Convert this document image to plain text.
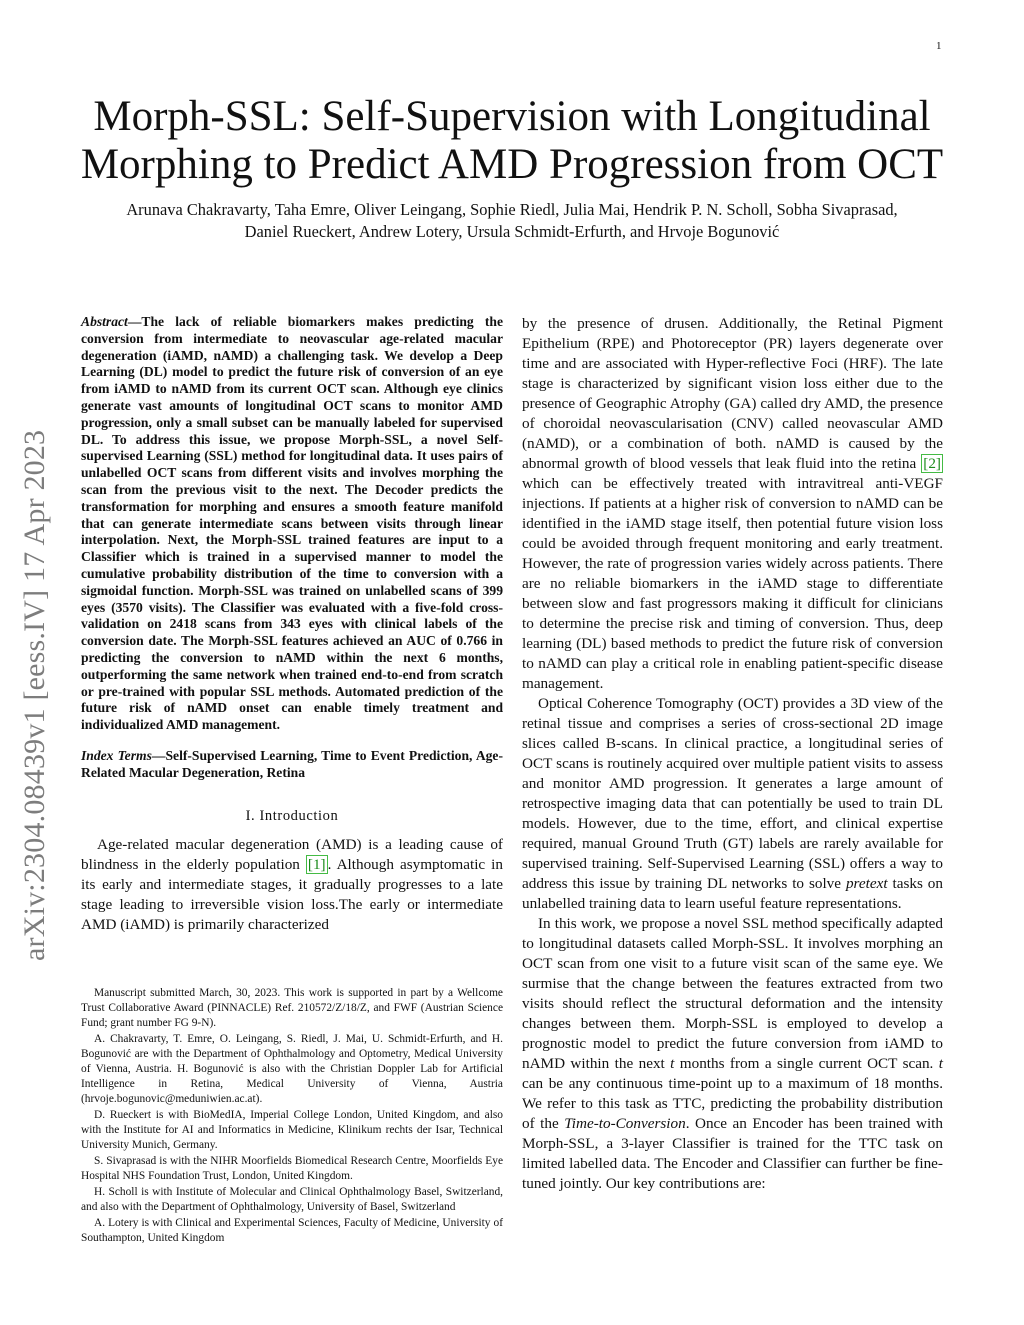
1
arXiv:2304.08439v1 [eess.IV] 17 Apr 2023
Morph-SSL: Self-Supervision with Longitudinal
Morphing to Predict AMD Progression from OCT

Arunava Chakravarty, Taha Emre, Oliver Leingang, Sophie Riedl, Julia Mai, Hendrik P. N. Scholl, Sobha Sivaprasad, Daniel Rueckert, Andrew Lotery, Ursula Schmidt-Erfurth, and Hrvoje Bogunović

Abstract—The lack of reliable biomarkers makes predicting the conversion from intermediate to neovascular age-related macular degeneration (iAMD, nAMD) a challenging task. We develop a Deep Learning (DL) model to predict the future risk of conversion of an eye from iAMD to nAMD from its current OCT scan. Although eye clinics generate vast amounts of longitudinal OCT scans to monitor AMD progression, only a small subset can be manually labeled for supervised DL. To address this issue, we propose Morph-SSL, a novel Self-supervised Learning (SSL) method for longitudinal data. It uses pairs of unlabelled OCT scans from different visits and involves morphing the scan from the previous visit to the next. The Decoder predicts the transformation for morphing and ensures a smooth feature manifold that can generate intermediate scans between visits through linear interpolation. Next, the Morph-SSL trained features are input to a Classifier which is trained in a supervised manner to model the cumulative probability distribution of the time to conversion with a sigmoidal function. Morph-SSL was trained on unlabelled scans of 399 eyes (3570 visits). The Classifier was evaluated with a five-fold cross-validation on 2418 scans from 343 eyes with clinical labels of the conversion date. The Morph-SSL features achieved an AUC of 0.766 in predicting the conversion to nAMD within the next 6 months, outperforming the same network when trained end-to-end from scratch or pre-trained with popular SSL methods. Automated prediction of the future risk of nAMD onset can enable timely treatment and individualized AMD management.

Index Terms—Self-Supervised Learning, Time to Event Prediction, Age-Related Macular Degeneration, Retina

I. Introduction

Age-related macular degeneration (AMD) is a leading cause of blindness in the elderly population [1] . Although asymptomatic in its early and intermediate stages, it gradually progresses to a late stage leading to irreversible vision loss.The early or intermediate AMD (iAMD) is primarily characterized

Manuscript submitted March, 30, 2023. This work is supported in part by a Wellcome Trust Collaborative Award (PINNACLE) Ref. 210572/Z/18/Z, and FWF (Austrian Science Fund; grant number FG 9-N).

A. Chakravarty, T. Emre, O. Leingang, S. Riedl, J. Mai, U. Schmidt-Erfurth, and H. Bogunović are with the Department of Ophthalmology and Optometry, Medical University of Vienna, Austria. H. Bogunović is also with the Christian Doppler Lab for Artificial Intelligence in Retina, Medical University of Vienna, Austria (hrvoje.bogunovic@meduniwien.ac.at).

D. Rueckert is with BioMedIA, Imperial College London, United Kingdom, and also with the Institute for AI and Informatics in Medicine, Klinikum rechts der Isar, Technical University Munich, Germany.

S. Sivaprasad is with the NIHR Moorfields Biomedical Research Centre, Moorfields Eye Hospital NHS Foundation Trust, London, United Kingdom.

H. Scholl is with Institute of Molecular and Clinical Ophthalmology Basel, Switzerland, and also with the Department of Ophthalmology, University of Basel, Switzerland

A. Lotery is with Clinical and Experimental Sciences, Faculty of Medicine, University of Southampton, United Kingdom

by the presence of drusen. Additionally, the Retinal Pigment Epithelium (RPE) and Photoreceptor (PR) layers degenerate over time and are associated with Hyper-reflective Foci (HRF). The late stage is characterized by significant vision loss either due to the presence of Geographic Atrophy (GA) called dry AMD, the presence of choroidal neovascularisation (CNV) called neovascular AMD (nAMD), or a combination of both. nAMD is caused by the abnormal growth of blood vessels that leak fluid into the retina [2] which can be effectively treated with intravitreal anti-VEGF injections. If patients at a higher risk of conversion to nAMD can be identified in the iAMD stage itself, then potential future vision loss could be avoided through frequent monitoring and early treatment. However, the rate of progression varies widely across patients. There are no reliable biomarkers in the iAMD stage to differentiate between slow and fast progressors making it difficult for clinicians to determine the precise risk and timing of conversion. Thus, deep learning (DL) based methods to predict the future risk of conversion to nAMD can play a critical role in enabling patient-specific disease management.

Optical Coherence Tomography (OCT) provides a 3D view of the retinal tissue and comprises a series of cross-sectional 2D image slices called B-scans. In clinical practice, a longitudinal series of OCT scans is routinely acquired over multiple patient visits to assess and monitor AMD progression. It generates a large amount of retrospective imaging data that can potentially be used to train DL models. However, due to the time, effort, and clinical expertise required, manual Ground Truth (GT) labels are rarely available for supervised training. Self-Supervised Learning (SSL) offers a way to address this issue by training DL networks to solve pretext tasks on unlabelled training data to learn useful feature representations.

In this work, we propose a novel SSL method specifically adapted to longitudinal datasets called Morph-SSL. It involves morphing an OCT scan from one visit to a future visit scan of the same eye. We surmise that the change between the features extracted from two visits should reflect the structural deformation and the intensity changes between them. Morph-SSL is employed to develop a prognostic model to predict the future conversion from iAMD to nAMD within the next t months from a single current OCT scan. t can be any continuous time-point up to a maximum of 18 months. We refer to this task as TTC, predicting the probability distribution of the Time-to-Conversion. Once an Encoder has been trained with Morph-SSL, a 3-layer Classifier is trained for the TTC task on limited labelled data. The Encoder and Classifier can further be fine-tuned jointly. Our key contributions are:
